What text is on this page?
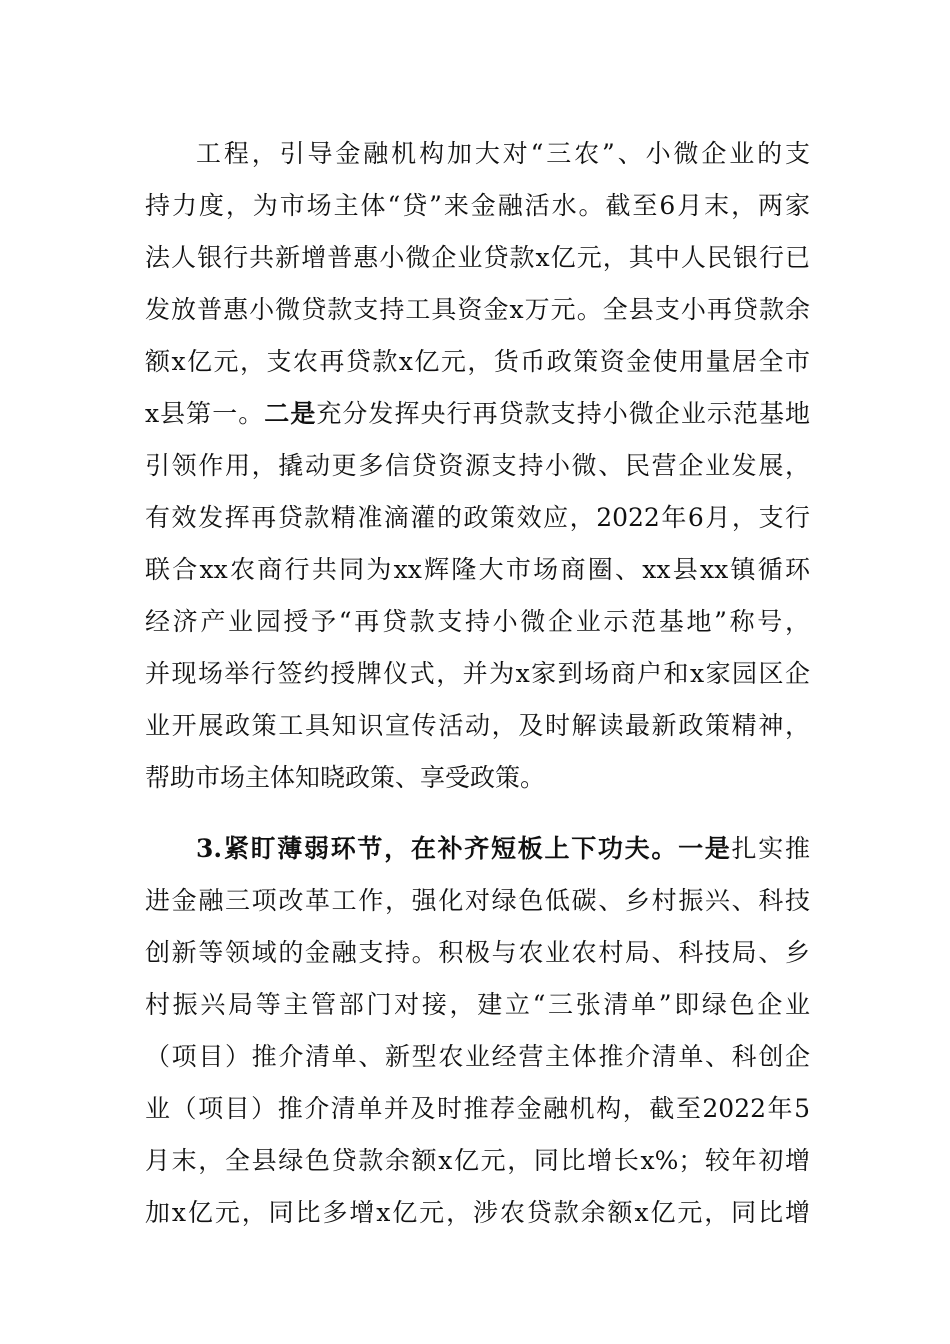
工程，引导金融机构加大对“三农”、小微企业的支
持力度，为市场主体“贷”来金融活水。截至6月末，两家
法人银行共新增普惠小微企业贷款x亿元，其中人民银行已
发放普惠小微贷款支持工具资金x万元。全县支小再贷款余
额x亿元，支农再贷款x亿元，货币政策资金使用量居全市
x县第一。二是充分发挥央行再贷款支持小微企业示范基地
引领作用，撬动更多信贷资源支持小微、民营企业发展，
有效发挥再贷款精准滴灌的政策效应，2022年6月，支行
联合xx农商行共同为xx辉隆大市场商圈、xx县xx镇循环
经济产业园授予“再贷款支持小微企业示范基地”称号，
并现场举行签约授牌仪式，并为x家到场商户和x家园区企
业开展政策工具知识宣传活动，及时解读最新政策精神，
帮助市场主体知晓政策、享受政策。
3.紧盯薄弱环节，在补齐短板上下功夫。一是扎实推
进金融三项改革工作，强化对绿色低碳、乡村振兴、科技
创新等领域的金融支持。积极与农业农村局、科技局、乡
村振兴局等主管部门对接，建立“三张清单”即绿色企业
（项目）推介清单、新型农业经营主体推介清单、科创企
业（项目）推介清单并及时推荐金融机构，截至2022年5
月末，全县绿色贷款余额x亿元，同比增长x%；较年初增
加x亿元，同比多增x亿元，涉农贷款余额x亿元，同比增
